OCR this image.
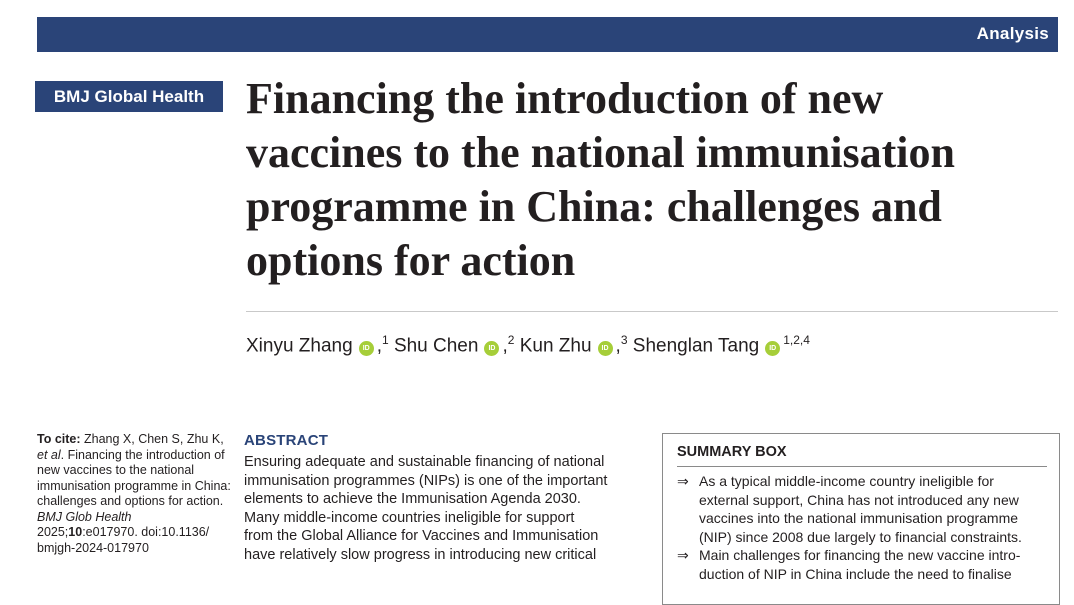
Analysis
BMJ Global Health Financing the introduction of new
vaccines to the national immunisation
programme in China: challenges and
options for action
Xinyu Zhang ID ,$^1$ Shu Chen ID ,$^2$ Kun Zhu ID ,$^3$ Shenglan Tang ID$^{1,2,4}$
To cite: Zhang X, Chen S, Zhu K, et al. Financing the introduction of new vaccines to the national immunisation programme in China: challenges and options for action. BMJ Glob Health 2025;10:e017970. doi:10.1136/ bmjgh-2024-017970
ABSTRACT
Ensuring adequate and sustainable financing of national
immunisation programmes (NIPs) is one of the important
elements to achieve the Immunisation Agenda 2030.
Many middle-income countries ineligible for support
from the Global Alliance for Vaccines and Immunisation
have relatively slow progress in introducing new critical
SUMMARY BOX
⇒ As a typical middle-income country ineligible for
external support, China has not introduced any new
vaccines into the national immunisation programme
(NIP) since 2008 due largely to financial constraints.
⇒ Main challenges for financing the new vaccine intro-
duction of NIP in China include the need to finalise
